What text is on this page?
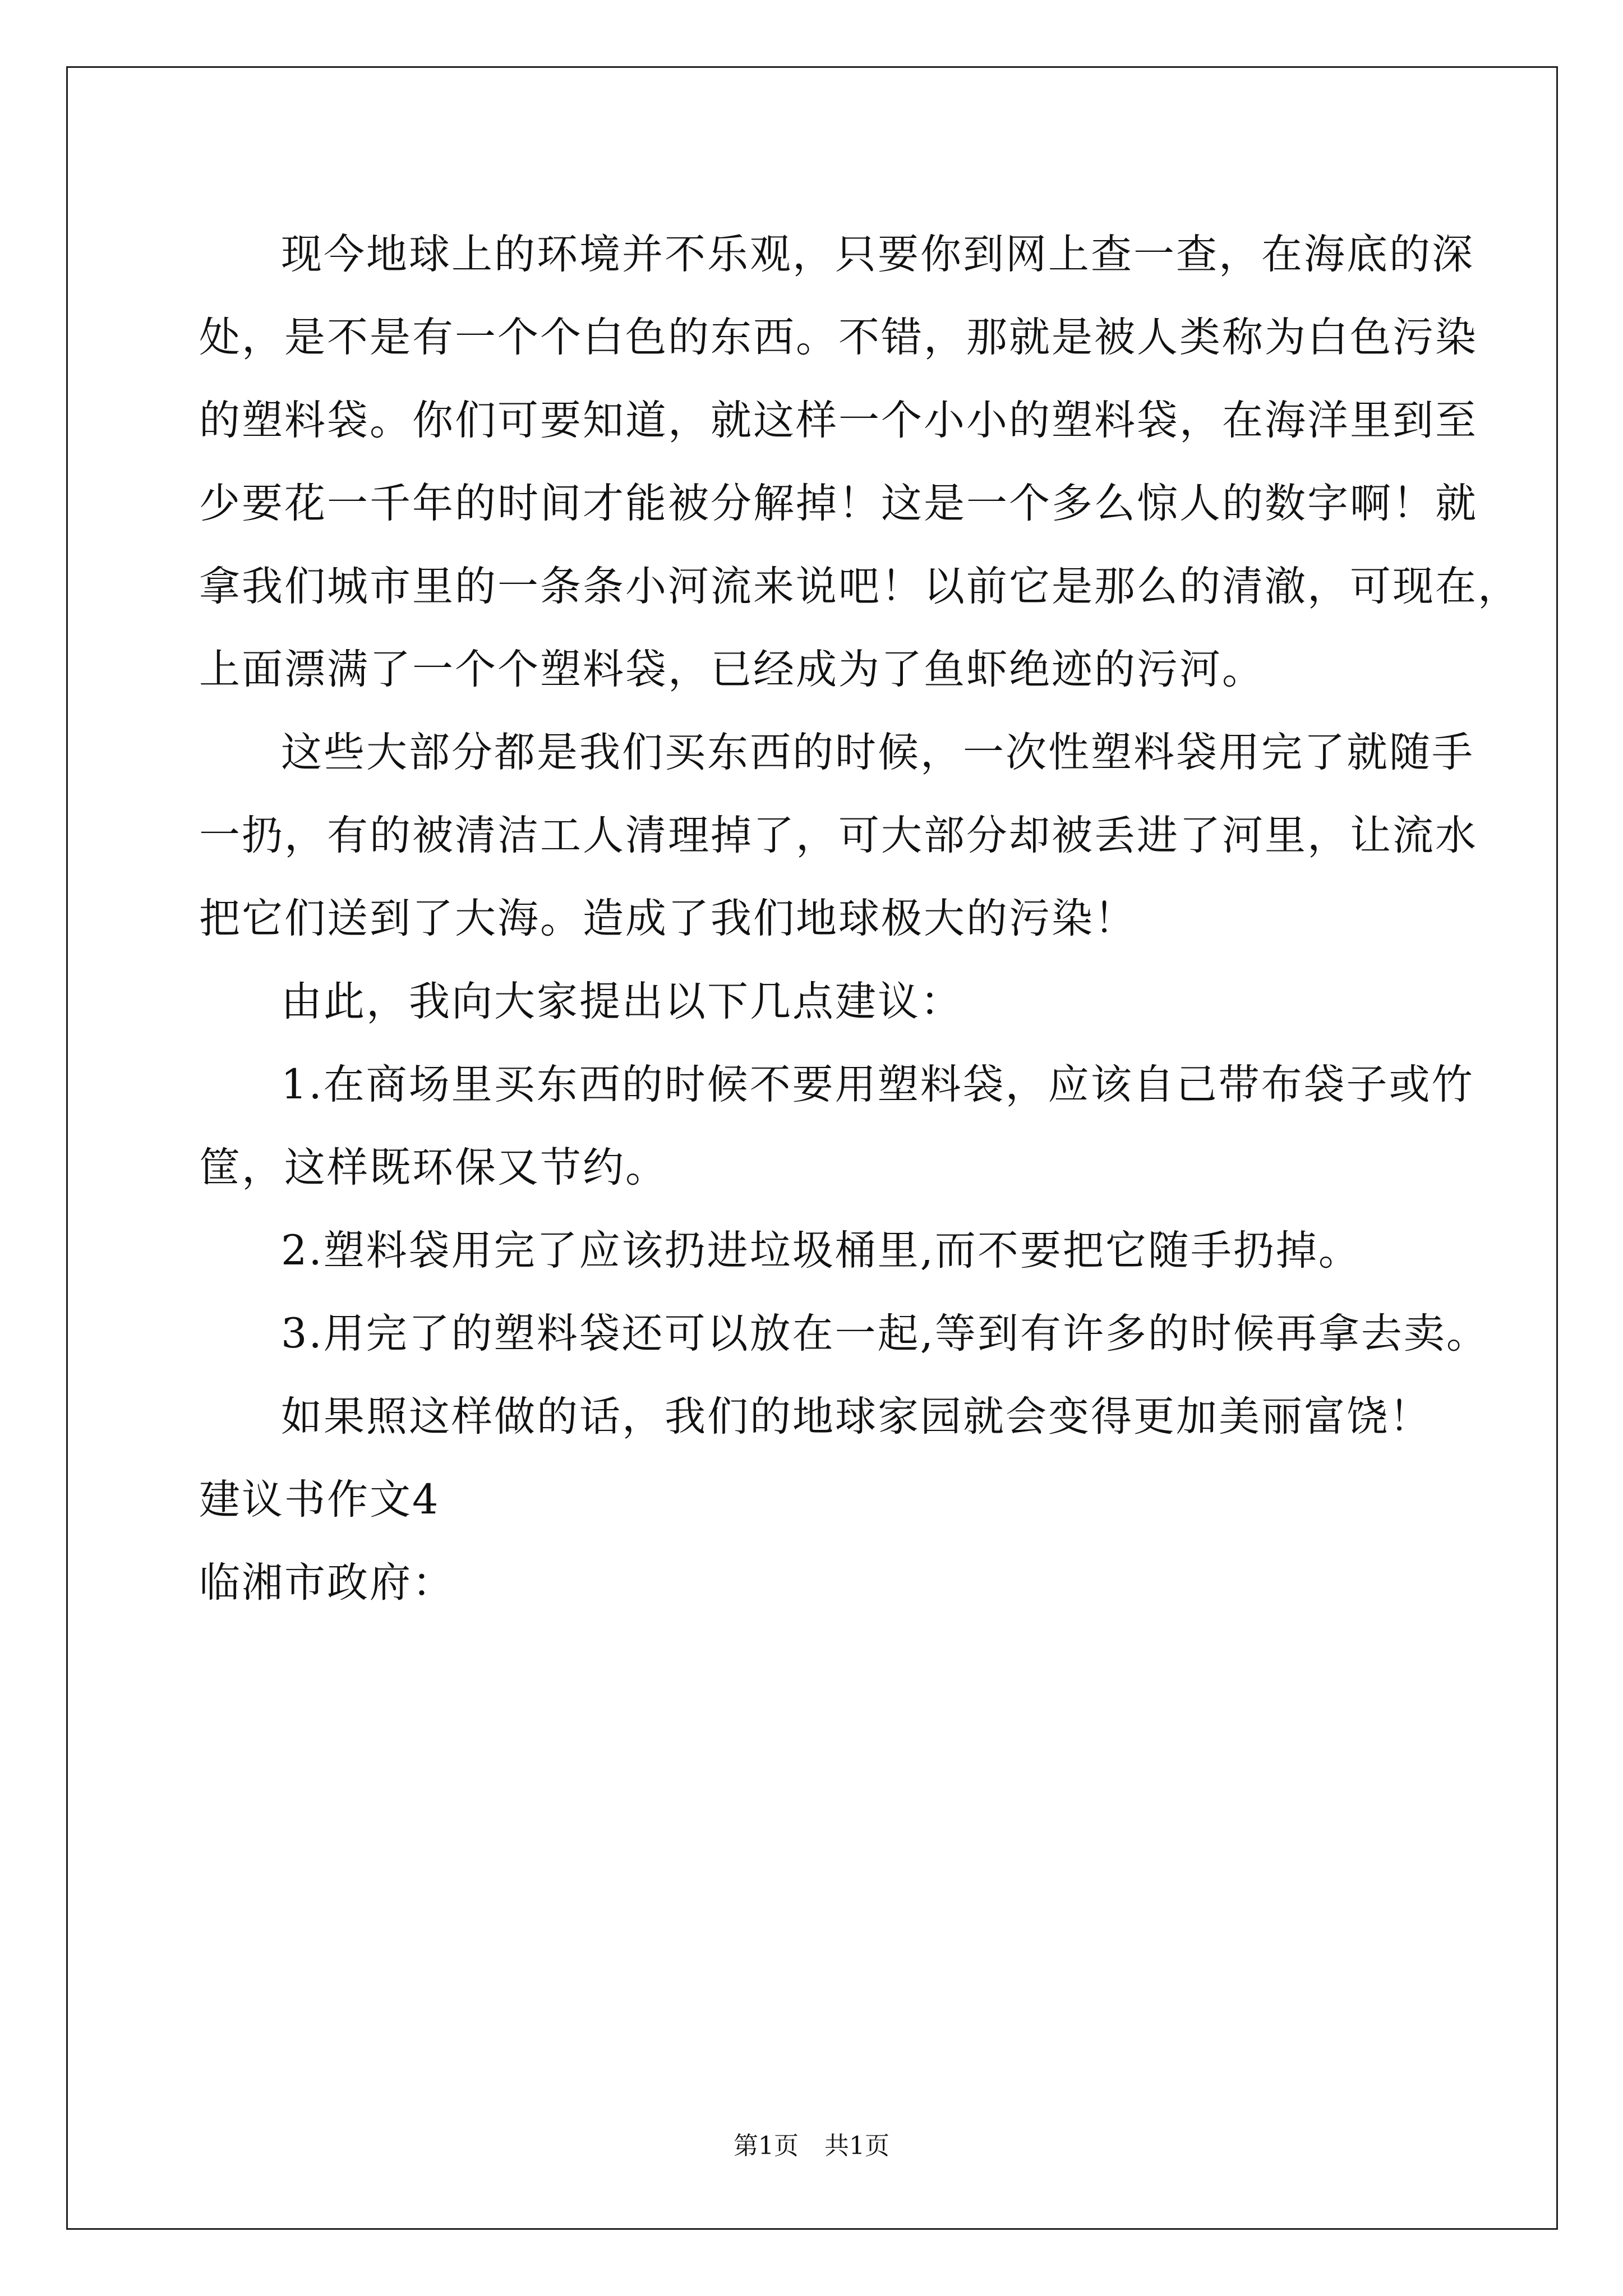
现今地球上的环境并不乐观，只要你到网上查一查，在海底的深
处，是不是有一个个白色的东西。不错，那就是被人类称为白色污染
的塑料袋。你们可要知道，就这样一个小小的塑料袋，在海洋里到至
少要花一千年的时间才能被分解掉！这是一个多么惊人的数字啊！就
拿我们城市里的一条条小河流来说吧！以前它是那么的清澈，可现在，
上面漂满了一个个塑料袋，已经成为了鱼虾绝迹的污河。

这些大部分都是我们买东西的时候，一次性塑料袋用完了就随手
一扔，有的被清洁工人清理掉了，可大部分却被丢进了河里，让流水
把它们送到了大海。造成了我们地球极大的污染！

由此，我向大家提出以下几点建议：

1.在商场里买东西的时候不要用塑料袋，应该自己带布袋子或竹
筐，这样既环保又节约。

2.塑料袋用完了应该扔进垃圾桶里,而不要把它随手扔掉。

3.用完了的塑料袋还可以放在一起,等到有许多的时候再拿去卖。

如果照这样做的话，我们的地球家园就会变得更加美丽富饶！

建议书作文4

临湘市政府：

第1页 共1页
